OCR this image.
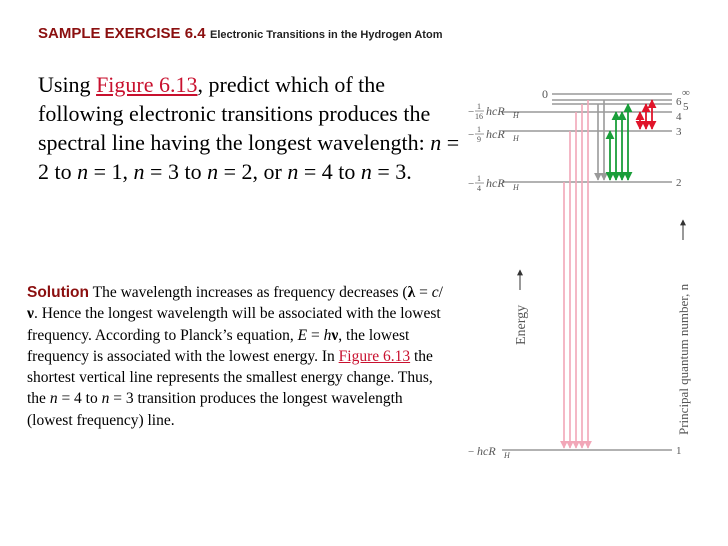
SAMPLE EXERCISE 6.4 Electronic Transitions in the Hydrogen Atom
Using Figure 6.13, predict which of the following electronic transitions produces the spectral line having the longest wavelength: n = 2 to n = 1, n = 3 to n = 2, or n = 4 to n = 3.
Solution The wavelength increases as frequency decreases (λ = c/ν. Hence the longest wavelength will be associated with the lowest frequency. According to Planck’s equation, E = hν, the lowest frequency is associated with the lowest energy. In Figure 6.13 the shortest vertical line represents the smallest energy change. Thus, the n = 4 to n = 3 transition produces the longest wavelength (lowest frequency) line.
0
− 1
16 hcR H
− 1
9 hcR H
− 1
4 hcR H
− hcR H	1
2
3
4
5
6
∞
Energy	Principal quantum number, n
